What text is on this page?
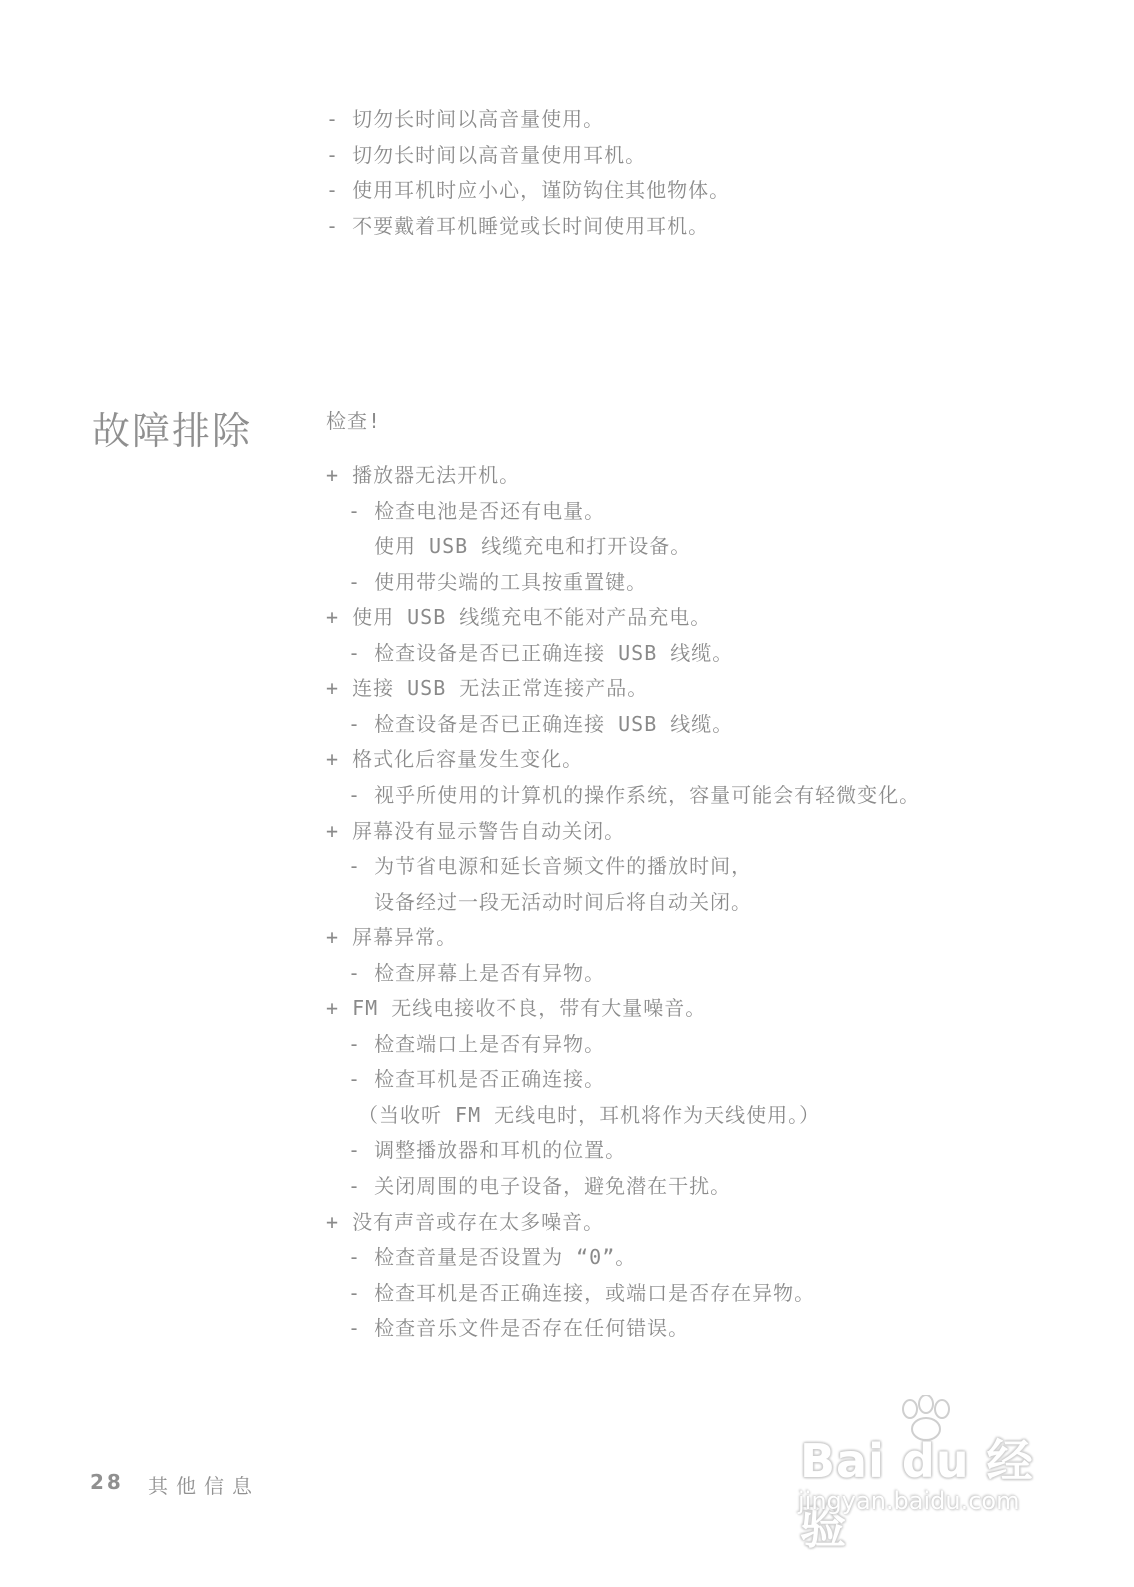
- 切勿长时间以高音量使用。
- 切勿长时间以高音量使用耳机。
- 使用耳机时应小心，谨防钩住其他物体。
- 不要戴着耳机睡觉或长时间使用耳机。
故障排除	检查!
+ 播放器无法开机。
- 检查电池是否还有电量。
使用 USB 线缆充电和打开设备。
- 使用带尖端的工具按重置键。
+ 使用 USB 线缆充电不能对产品充电。
- 检查设备是否已正确连接 USB 线缆。
+ 连接 USB 无法正常连接产品。
- 检查设备是否已正确连接 USB 线缆。
+ 格式化后容量发生变化。
- 视乎所使用的计算机的操作系统，容量可能会有轻微变化。
+ 屏幕没有显示警告自动关闭。
- 为节省电源和延长音频文件的播放时间，
设备经过一段无活动时间后将自动关闭。
+ 屏幕异常。
- 检查屏幕上是否有异物。
+ FM 无线电接收不良，带有大量噪音。
- 检查端口上是否有异物。
- 检查耳机是否正确连接。
（当收听 FM 无线电时，耳机将作为天线使用。）
- 调整播放器和耳机的位置。
- 关闭周围的电子设备，避免潜在干扰。
+ 没有声音或存在太多噪音。
- 检查音量是否设置为 “0”。
- 检查耳机是否正确连接，或端口是否存在异物。
- 检查音乐文件是否存在任何错误。
28 其他信息	Bai du 经验
jingyan.baidu.com
